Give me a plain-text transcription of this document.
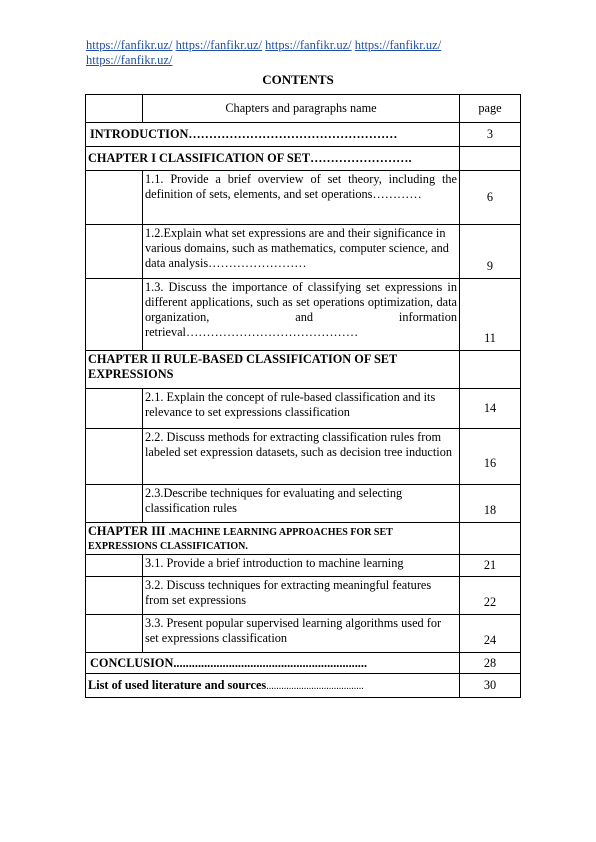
https://fanfikr.uz/ https://fanfikr.uz/ https://fanfikr.uz/ https://fanfikr.uz/
https://fanfikr.uz/
CONTENTS
	Chapters and paragraphs name	page
INTRODUCTION……………………………………………		3
CHAPTER I CLASSIFICATION OF SET…………………….		
	1.1. Provide a brief overview of set theory, including the definition of sets, elements, and set operations…………	6
	1.2.Explain what set expressions are and their significance in various domains, such as mathematics, computer science, and data analysis……………………	9
	1.3. Discuss the importance of classifying set expressions in different applications, such as set operations optimization, data organization, and information retrieval……………………………………	11
CHAPTER II RULE-BASED CLASSIFICATION OF SET EXPRESSIONS		
	2.1. Explain the concept of rule-based classification and its relevance to set expressions classification	14
	2.2. Discuss methods for extracting classification rules from labeled set expression datasets, such as decision tree induction	16
	2.3.Describe techniques for evaluating and selecting classification rules	18
CHAPTER III .MACHINE LEARNING APPROACHES FOR SET EXPRESSIONS CLASSIFICATION.		
	3.1. Provide a brief introduction to machine learning	21
	3.2. Discuss techniques for extracting meaningful features from set expressions	22
	3.3. Present popular supervised learning algorithms used for set expressions classification	24
CONCLUSION...............................................................		28
List of used literature and sources.......................................		30
